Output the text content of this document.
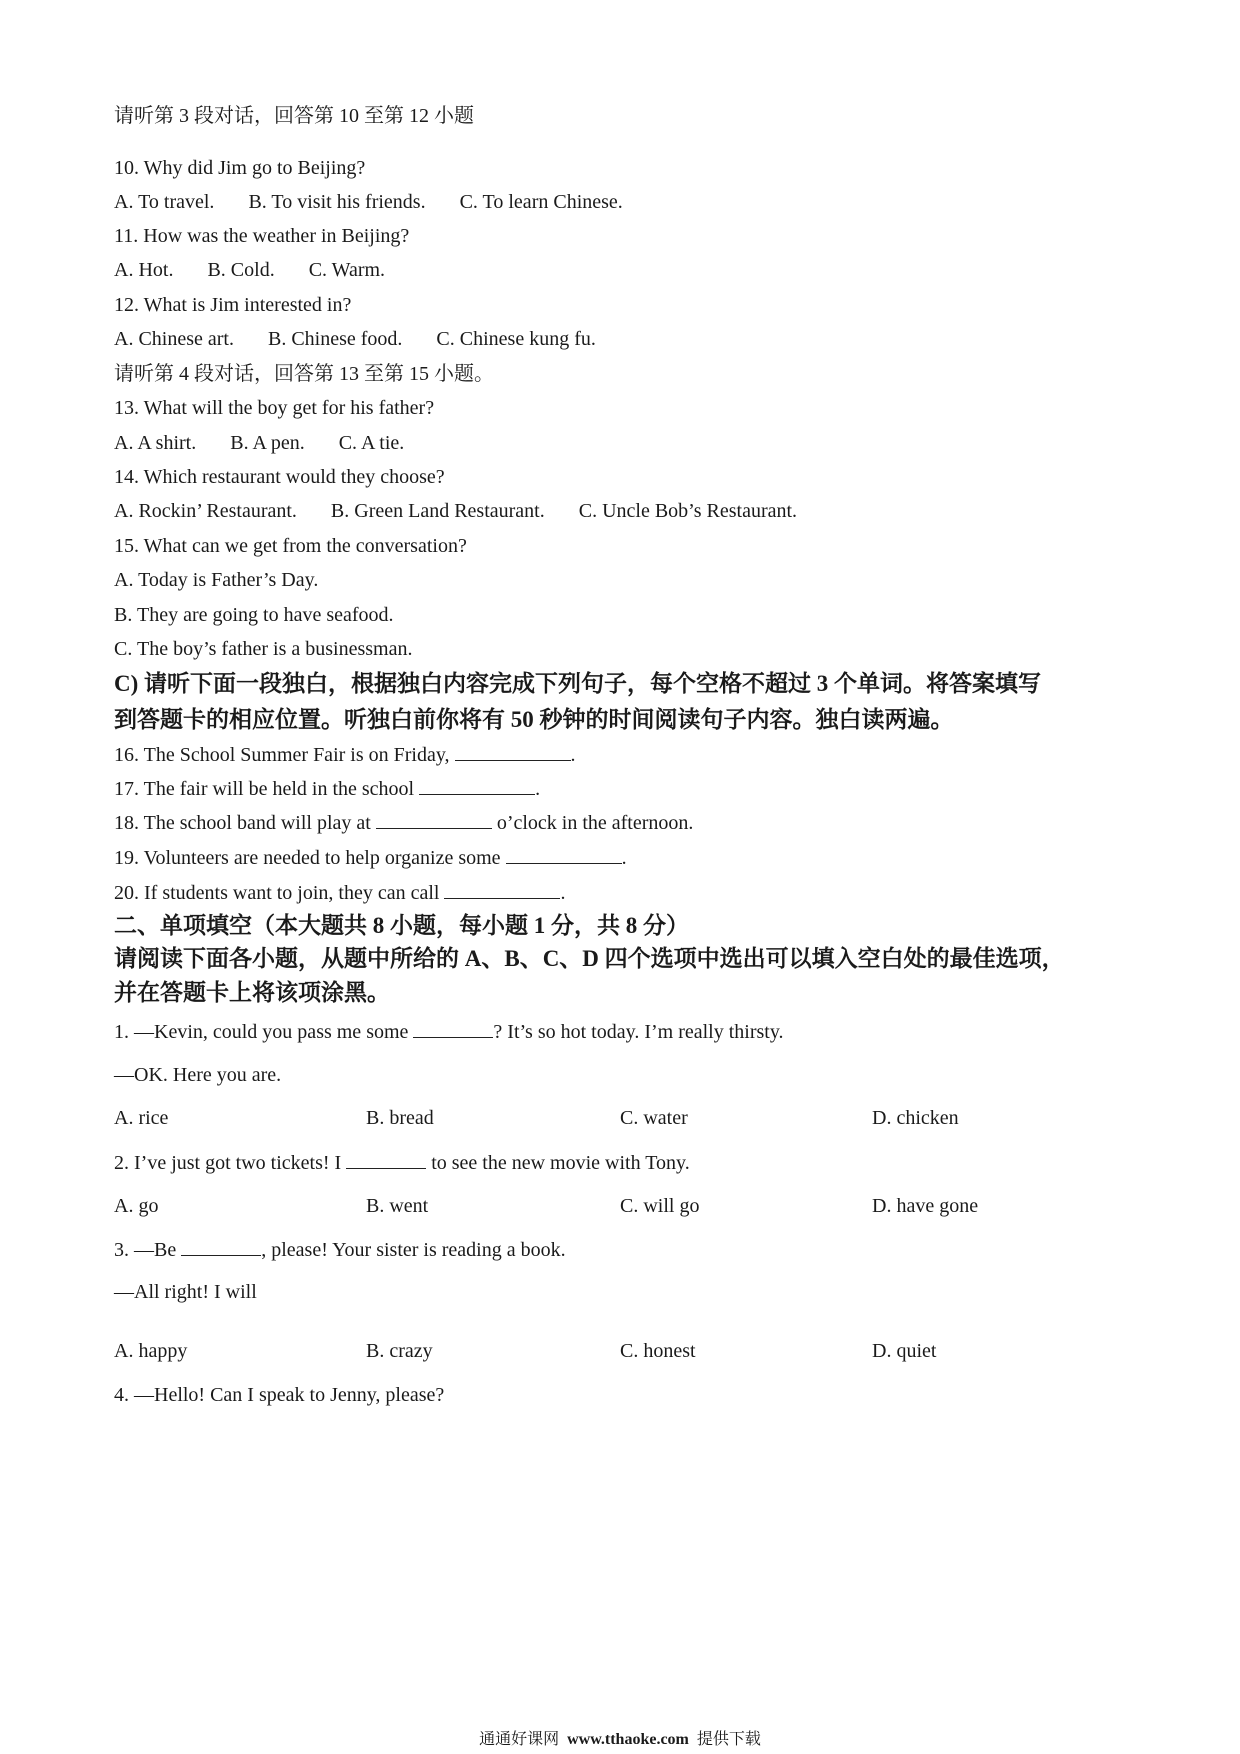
请听第 3 段对话，回答第 10 至第 12 小题
10. Why did Jim go to Beijing?
A. To travel. B. To visit his friends. C. To learn Chinese.
11. How was the weather in Beijing?
A. Hot. B. Cold. C. Warm.
12. What is Jim interested in?
A. Chinese art. B. Chinese food. C. Chinese kung fu.
请听第 4 段对话，回答第 13 至第 15 小题。
13. What will the boy get for his father?
A. A shirt. B. A pen. C. A tie.
14. Which restaurant would they choose?
A. Rockin’ Restaurant. B. Green Land Restaurant. C. Uncle Bob’s Restaurant.
15. What can we get from the conversation?
A. Today is Father’s Day.
B. They are going to have seafood.
C. The boy’s father is a businessman.
C) 请听下面一段独白，根据独白内容完成下列句子，每个空格不超过 3 个单词。将答案填写
到答题卡的相应位置。听独白前你将有 50 秒钟的时间阅读句子内容。独白读两遍。
16. The School Summer Fair is on Friday,	.
17. The fair will be held in the school	.
18. The school band will play at	o’clock in the afternoon.
19. Volunteers are needed to help organize some	.
20. If students want to join, they can call	.
二、单项填空（本大题共 8 小题，每小题 1 分，共 8 分）
请阅读下面各小题，从题中所给的 A、B、C、D 四个选项中选出可以填入空白处的最佳选项，
并在答题卡上将该项涂黑。
1. —Kevin, could you pass me some	? It’s so hot today. I’m really thirsty.
—OK. Here you are.
A. rice	B. bread	C. water	D. chicken
2. I’ve just got two tickets! I	to see the new movie with Tony.
A. go	B. went	C. will go	D. have gone
3. —Be	, please! Your sister is reading a book.
—All right! I will
A. happy	B. crazy	C. honest	D. quiet
4. —Hello! Can I speak to Jenny, please?
通通好课网 www.tthaoke.com 提供下载
